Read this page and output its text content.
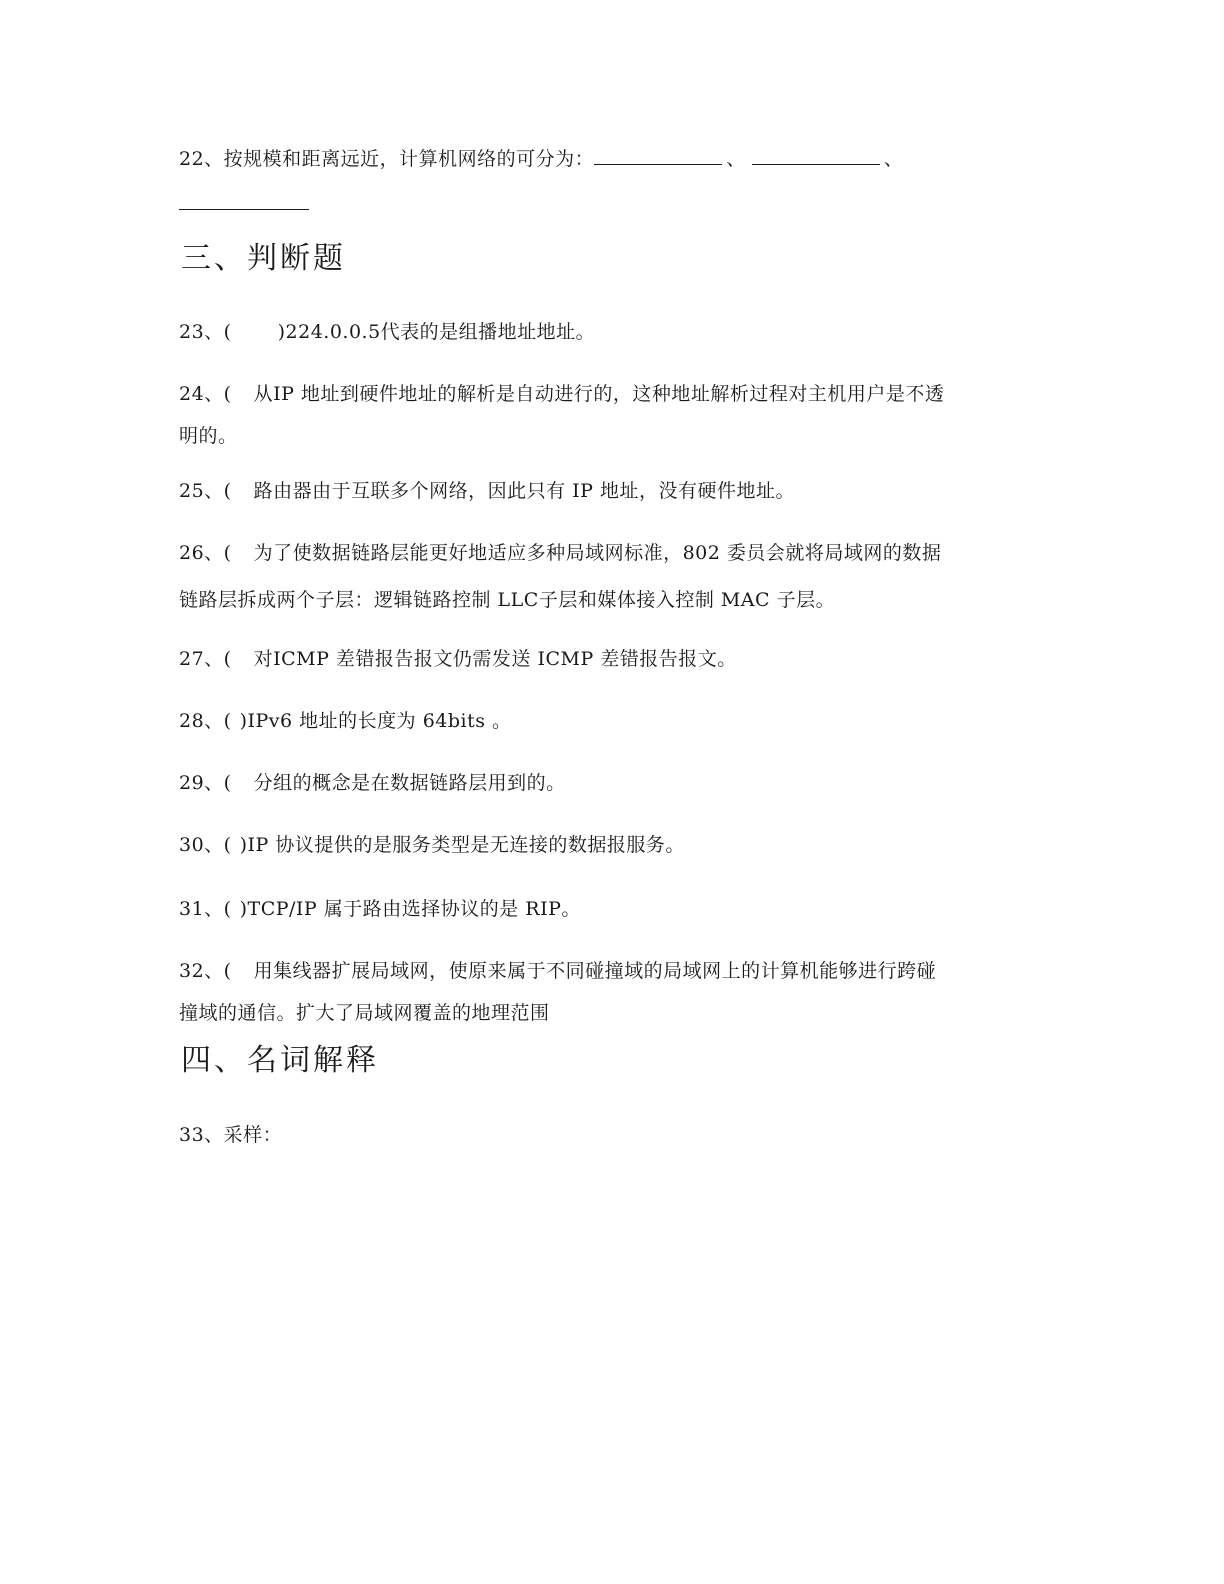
22、按规模和距离远近，计算机网络的可分为：	、	、
三、判断题
23、( )224.0.0.5代表的是组播地址地址。
24、( 从IP 地址到硬件地址的解析是自动进行的，这种地址解析过程对主机用户是不透
明的。
25、( 路由器由于互联多个网络，因此只有 IP 地址，没有硬件地址。
26、( 为了使数据链路层能更好地适应多种局域网标准，802 委员会就将局域网的数据
链路层拆成两个子层：逻辑链路控制 LLC子层和媒体接入控制 MAC 子层。
27、( 对ICMP 差错报告报文仍需发送 ICMP 差错报告报文。
28、( )IPv6 地址的长度为 64bits 。
29、( 分组的概念是在数据链路层用到的。
30、( )IP 协议提供的是服务类型是无连接的数据报服务。
31、( )TCP/IP 属于路由选择协议的是 RIP。
32、( 用集线器扩展局域网，使原来属于不同碰撞域的局域网上的计算机能够进行跨碰
撞域的通信。扩大了局域网覆盖的地理范围
四、名词解释
33、采样：
